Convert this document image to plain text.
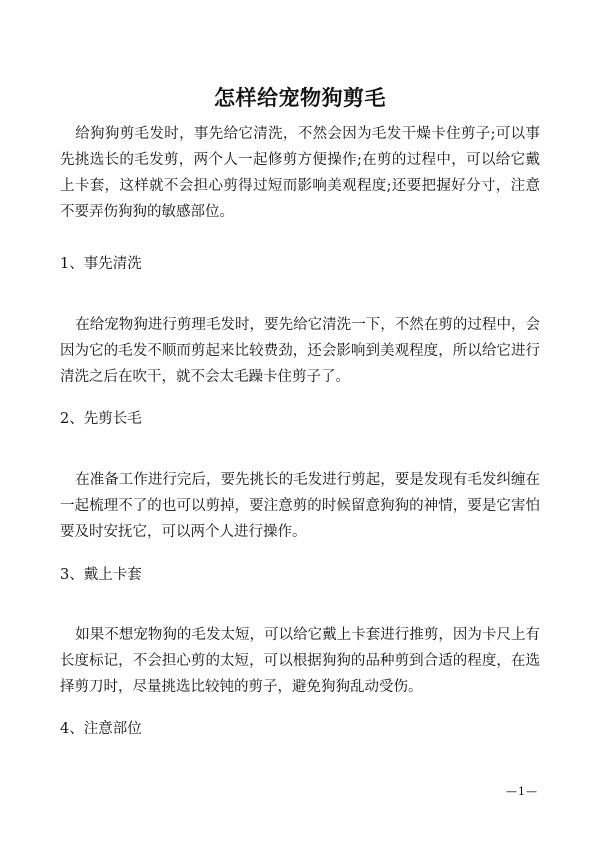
怎样给宠物狗剪毛

给狗狗剪毛发时，事先给它清洗，不然会因为毛发干燥卡住剪子;可以事先挑选长的毛发剪，两个人一起修剪方便操作;在剪的过程中，可以给它戴上卡套，这样就不会担心剪得过短而影响美观程度;还要把握好分寸，注意不要弄伤狗狗的敏感部位。

1、事先清洗

在给宠物狗进行剪理毛发时，要先给它清洗一下，不然在剪的过程中，会因为它的毛发不顺而剪起来比较费劲，还会影响到美观程度，所以给它进行清洗之后在吹干，就不会太毛躁卡住剪子了。

2、先剪长毛

在准备工作进行完后，要先挑长的毛发进行剪起，要是发现有毛发纠缠在一起梳理不了的也可以剪掉，要注意剪的时候留意狗狗的神情，要是它害怕要及时安抚它，可以两个人进行操作。

3、戴上卡套

如果不想宠物狗的毛发太短，可以给它戴上卡套进行推剪，因为卡尺上有长度标记，不会担心剪的太短，可以根据狗狗的品种剪到合适的程度，在选择剪刀时，尽量挑选比较钝的剪子，避免狗狗乱动受伤。

4、注意部位

—1—
